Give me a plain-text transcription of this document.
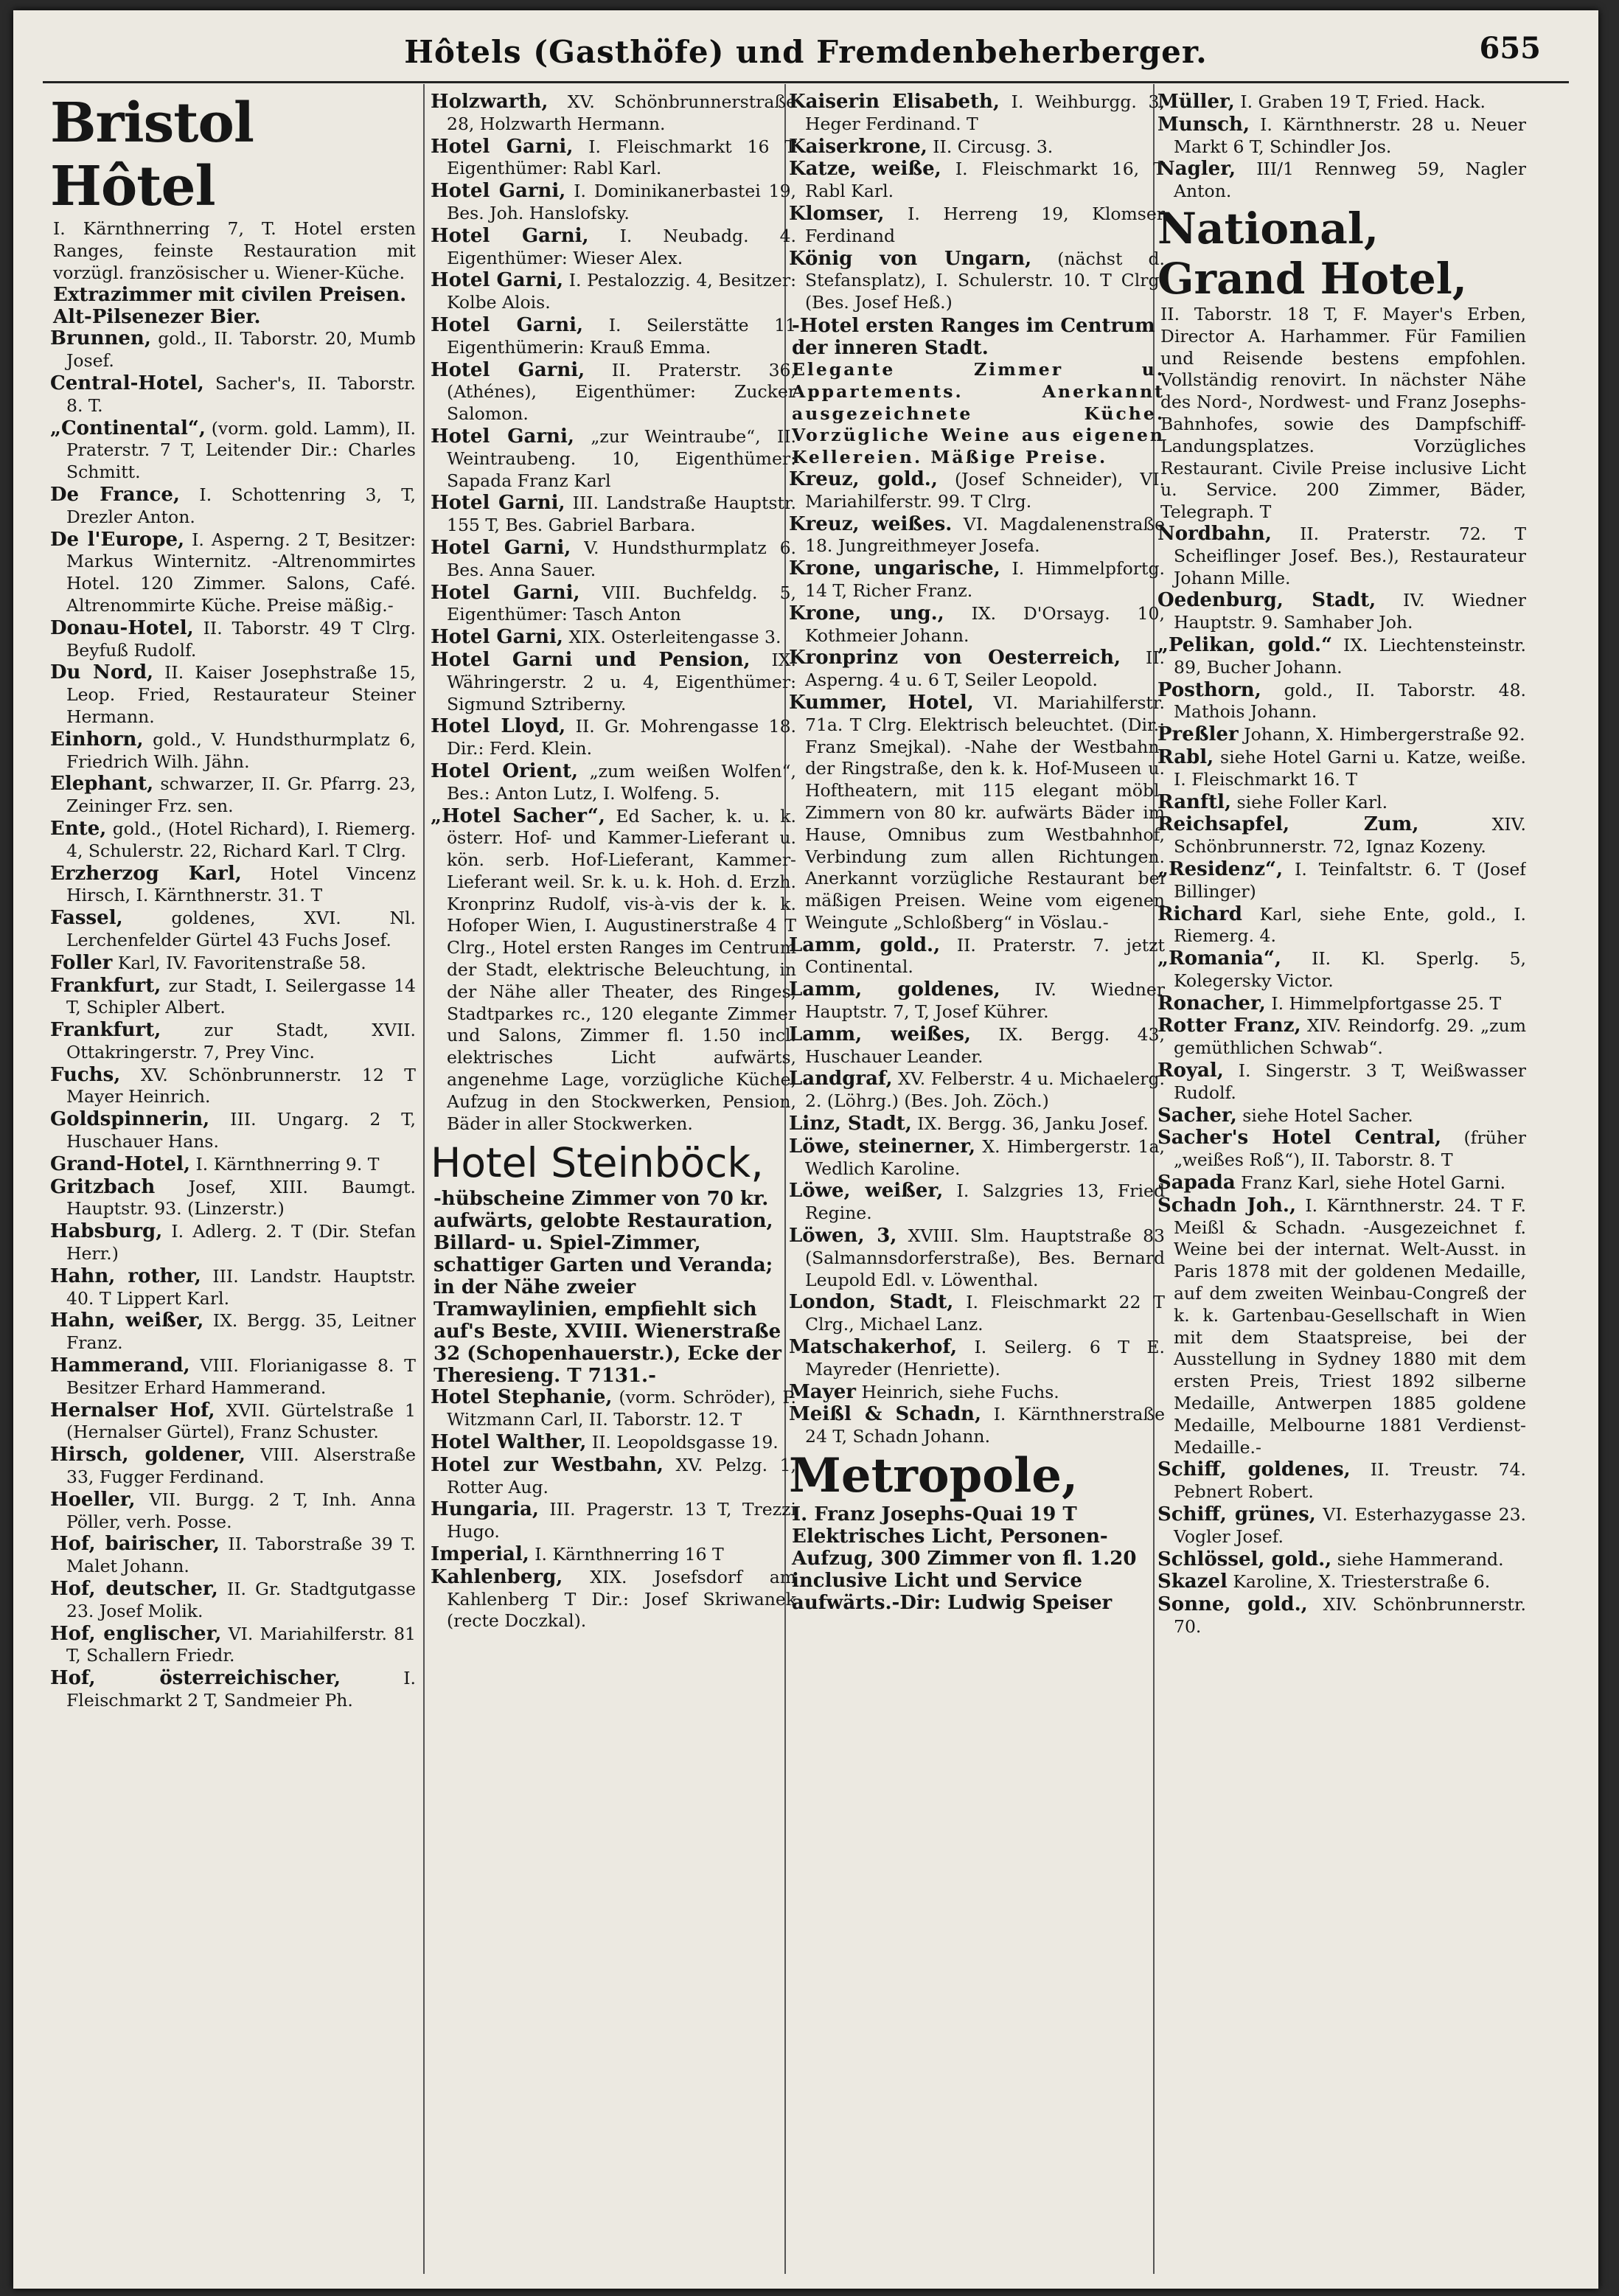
Hôtels (Gasthöfe) und Fremdenbeherberger.	655
Bristol Hôtel

I. Kärnthnerring 7, T. Hotel ersten Ranges, feinste Restauration mit vorzügl. französischer u. Wiener-Küche.

Extrazimmer mit civilen Preisen.

Alt-Pilsenezer Bier.

Brunnen, gold., II. Taborstr. 20, Mumb Josef.

Central-Hotel, Sacher's, II. Taborstr. 8. T.

„Continental“, (vorm. gold. Lamm), II. Praterstr. 7 T, Leitender Dir.: Charles Schmitt.

De France, I. Schottenring 3, T, Drezler Anton.

De l'Europe, I. Asperng. 2 T, Besitzer: Markus Winternitz. -Altrenommirtes Hotel. 120 Zimmer. Salons, Café. Altrenommirte Küche. Preise mäßig.-

Donau-Hotel, II. Taborstr. 49 T Clrg. Beyfuß Rudolf.

Du Nord, II. Kaiser Josephstraße 15, Leop. Fried, Restaurateur Steiner Hermann.

Einhorn, gold., V. Hundsthurmplatz 6, Friedrich Wilh. Jähn.

Elephant, schwarzer, II. Gr. Pfarrg. 23, Zeininger Frz. sen.

Ente, gold., (Hotel Richard), I. Riemerg. 4, Schulerstr. 22, Richard Karl. T Clrg.

Erzherzog Karl, Hotel Vincenz Hirsch, I. Kärnthnerstr. 31. T

Fassel,	goldenes, XVI. Nl. Lerchenfelder Gürtel 43 Fuchs Josef.

Foller Karl, IV. Favoritenstraße 58.

Frankfurt, zur Stadt, I. Seilergasse 14 T, Schipler Albert.

Frankfurt, zur Stadt, XVII. Ottakringerstr. 7, Prey Vinc.

Fuchs, XV. Schönbrunnerstr. 12 T Mayer Heinrich.

Goldspinnerin, III. Ungarg. 2 T, Huschauer Hans.

Grand-Hotel, I. Kärnthnerring 9. T

Gritzbach Josef, XIII. Baumgt. Hauptstr. 93. (Linzerstr.)

Habsburg, I. Adlerg. 2. T (Dir. Stefan Herr.)

Hahn, rother, III. Landstr. Hauptstr. 40. T Lippert Karl.

Hahn, weißer, IX. Bergg. 35, Leitner Franz.

Hammerand, VIII. Florianigasse 8. T Besitzer Erhard Hammerand.

Hernalser Hof, XVII. Gürtelstraße 1 (Hernalser Gürtel), Franz Schuster.

Hirsch, goldener, VIII. Alserstraße 33, Fugger Ferdinand.

Hoeller, VII. Burgg. 2 T, Inh. Anna Pöller, verh. Posse.

Hof, bairischer, II. Taborstraße 39 T. Malet Johann.

Hof, deutscher, II. Gr. Stadtgutgasse 23. Josef Molik.

Hof, englischer, VI. Mariahilferstr. 81 T, Schallern Friedr.

Hof, österreichischer,	I. Fleischmarkt 2 T, Sandmeier Ph.

Holzwarth, XV. Schönbrunnerstraße 28, Holzwarth Hermann.

Hotel Garni, I. Fleischmarkt 16 T Eigenthümer: Rabl Karl.

Hotel Garni, I. Dominikanerbastei 19, Bes. Joh. Hanslofsky.

Hotel Garni, I. Neubadg. 4. Eigenthümer: Wieser Alex.

Hotel Garni, I. Pestalozzig. 4, Besitzer: Kolbe Alois.

Hotel Garni, I. Seilerstätte 11 Eigenthümerin: Krauß Emma.

Hotel Garni, II. Praterstr. 36, (Athénes), Eigenthümer: Zucker Salomon.

Hotel Garni, „zur Weintraube“, II. Weintraubeng. 10, Eigenthümer: Sapada Franz Karl

Hotel Garni, III. Landstraße Hauptstr. 155 T, Bes. Gabriel Barbara.

Hotel Garni, V. Hundsthurmplatz 6. Bes. Anna Sauer.

Hotel Garni, VIII. Buchfeldg. 5, Eigenthümer: Tasch Anton

Hotel Garni, XIX. Osterleitengasse 3.

Hotel Garni und Pension, IX. Währingerstr. 2 u. 4, Eigenthümer: Sigmund Sztriberny.

Hotel Lloyd, II. Gr. Mohrengasse 18. Dir.: Ferd. Klein.

Hotel Orient, „zum weißen Wolfen“, Bes.: Anton Lutz, I. Wolfeng. 5.

„Hotel Sacher“, Ed Sacher, k. u. k. österr. Hof- und Kammer-Lieferant u. kön. serb. Hof-Lieferant, Kammer-Lieferant weil. Sr. k. u. k. Hoh. d. Erzh. Kronprinz Rudolf, vis-à-vis der k. k. Hofoper Wien, I. Augustinerstraße 4 T Clrg., Hotel ersten Ranges im Centrum der Stadt, elektrische Beleuchtung, in der Nähe aller Theater, des Ringes, Stadtparkes rc., 120 elegante Zimmer und Salons, Zimmer fl. 1.50 incl. elektrisches Licht aufwärts, angenehme Lage, vorzügliche Küche, Aufzug in den Stockwerken, Pension, Bäder in aller Stockwerken.

Hotel Steinböck,

-hübscheine Zimmer von 70 kr. aufwärts, gelobte Restauration, Billard- u. Spiel-Zimmer, schattiger Garten und Veranda; in der Nähe zweier Tramwaylinien, empfiehlt sich auf's Beste, XVIII. Wienerstraße 32 (Schopenhauerstr.), Ecke der Theresieng. T 7131.-

Hotel Stephanie, (vorm. Schröder), P. Witzmann Carl, II. Taborstr. 12. T

Hotel Walther, II. Leopoldsgasse 19.

Hotel zur Westbahn, XV. Pelzg. 1, Rotter Aug.

Hungaria, III. Pragerstr. 13 T, Trezzi Hugo.

Imperial, I. Kärnthnerring 16 T

Kahlenberg, XIX. Josefsdorf am Kahlenberg T Dir.: Josef Skriwanek (recte Doczkal).

Kaiserin Elisabeth, I. Weihburgg. 3, Heger Ferdinand. T

Kaiserkrone, II. Circusg. 3.

Katze, weiße, I. Fleischmarkt 16, T Rabl Karl.

Klomser, I. Herreng 19, Klomser Ferdinand

König von Ungarn, (nächst d. Stefansplatz), I. Schulerstr. 10. T Clrg. (Bes. Josef Heß.)

-Hotel ersten Ranges im Centrum der inneren Stadt.

Elegante Zimmer u. Appartements. Anerkannt ausgezeichnete Küche. Vorzügliche Weine aus eigenen Kellereien. Mäßige Preise.

Kreuz, gold., (Josef Schneider), VI. Mariahilferstr. 99. T Clrg.

Kreuz, weißes. VI. Magdalenenstraße 18. Jungreithmeyer Josefa.

Krone, ungarische, I. Himmelpfortg. 14 T, Richer Franz.

Krone, ung., IX. D'Orsayg. 10, Kothmeier Johann.

Kronprinz von Oesterreich, II. Asperng. 4 u. 6 T, Seiler Leopold.

Kummer, Hotel, VI. Mariahilferstr. 71a. T Clrg. Elektrisch beleuchtet. (Dir.: Franz Smejkal). -Nahe der Westbahn, der Ringstraße, den k. k. Hof-Museen u. Hoftheatern, mit 115 elegant möbl. Zimmern von 80 kr. aufwärts Bäder im Hause, Omnibus zum Westbahnhof, Verbindung zum allen Richtungen. Anerkannt vorzügliche Restaurant bei mäßigen Preisen. Weine vom eigenen Weingute „Schloßberg“ in Vöslau.-

Lamm, gold., II. Praterstr. 7. jetzt Continental.

Lamm, goldenes, IV. Wiedner Hauptstr. 7, T, Josef Kührer.

Lamm, weißes, IX. Bergg. 43, Huschauer Leander.

Landgraf, XV. Felberstr. 4 u. Michaelerg. 2. (Löhrg.) (Bes. Joh. Zöch.)

Linz, Stadt, IX. Bergg. 36, Janku Josef.

Löwe, steinerner, X. Himbergerstr. 1a, Wedlich Karoline.

Löwe, weißer, I. Salzgries 13, Fried Regine.

Löwen, 3, XVIII. Slm. Hauptstraße 83 (Salmannsdorferstraße), Bes. Bernard Leupold Edl. v. Löwenthal.

London, Stadt, I. Fleischmarkt 22 T Clrg., Michael Lanz.

Matschakerhof, I. Seilerg. 6 T E. Mayreder (Henriette).

Mayer Heinrich, siehe Fuchs.

Meißl & Schadn, I. Kärnthnerstraße 24 T, Schadn Johann.

Metropole,

I. Franz Josephs-Quai 19 T Elektrisches Licht, Personen-Aufzug, 300 Zimmer von fl. 1.20 inclusive Licht und Service aufwärts.-Dir: Ludwig Speiser

Müller, I. Graben 19 T, Fried. Hack.

Munsch, I. Kärnthnerstr. 28 u. Neuer Markt 6 T, Schindler Jos.

Nagler, III/1 Rennweg 59, Nagler Anton.

National, Grand Hotel,

II. Taborstr. 18 T, F. Mayer's Erben, Director A. Harhammer. Für Familien und Reisende bestens empfohlen. Vollständig renovirt. In nächster Nähe des Nord-, Nordwest- und Franz Josephs-Bahnhofes, sowie des Dampfschiff-Landungsplatzes. Vorzügliches Restaurant. Civile Preise inclusive Licht u. Service. 200 Zimmer, Bäder, Telegraph. T

Nordbahn, II. Praterstr. 72. T Scheiflinger Josef. Bes.), Restaurateur Johann Mille.

Oedenburg, Stadt, IV. Wiedner Hauptstr. 9. Samhaber Joh.

„Pelikan, gold.“ IX. Liechtensteinstr. 89, Bucher Johann.

Posthorn, gold., II. Taborstr. 48. Mathois Johann.

Preßler Johann, X. Himbergerstraße 92.

Rabl, siehe Hotel Garni u. Katze, weiße. I. Fleischmarkt 16. T

Ranftl, siehe Foller Karl.

Reichsapfel, Zum,	XIV. Schönbrunnerstr. 72, Ignaz Kozeny.

„Residenz“, I. Teinfaltstr. 6. T (Josef Billinger)

Richard Karl, siehe Ente, gold., I. Riemerg. 4.

„Romania“, II. Kl. Sperlg. 5, Kolegersky Victor.

Ronacher, I. Himmelpfortgasse 25. T

Rotter Franz, XIV. Reindorfg. 29. „zum gemüthlichen Schwab“.

Royal, I. Singerstr. 3 T, Weißwasser Rudolf.

Sacher, siehe Hotel Sacher.

Sacher's Hotel Central, (früher „weißes Roß“), II. Taborstr. 8. T

Sapada Franz Karl, siehe Hotel Garni.

Schadn Joh., I. Kärnthnerstr. 24. T F. Meißl & Schadn. -Ausgezeichnet f. Weine bei der internat. Welt-Ausst. in Paris 1878 mit der goldenen Medaille, auf dem zweiten Weinbau-Congreß der k. k. Gartenbau-Gesellschaft in Wien mit dem Staatspreise, bei der Ausstellung in Sydney 1880 mit dem ersten Preis, Triest 1892 silberne Medaille, Antwerpen 1885 goldene Medaille, Melbourne 1881 Verdienst-Medaille.-

Schiff, goldenes, II. Treustr. 74. Pebnert Robert.

Schiff, grünes, VI. Esterhazygasse 23. Vogler Josef.

Schlössel, gold., siehe Hammerand.

Skazel Karoline, X. Triesterstraße 6.

Sonne, gold., XIV. Schönbrunnerstr. 70.
